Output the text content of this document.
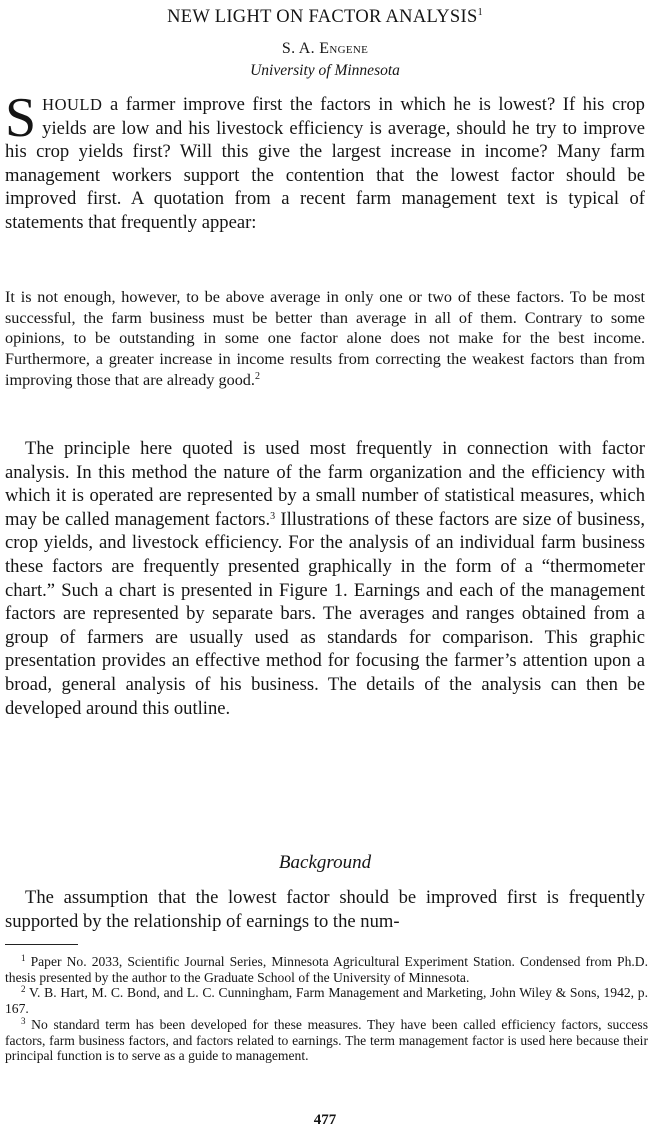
NEW LIGHT ON FACTOR ANALYSIS$^1$
S. A. Engene
University of Minnesota
SHOULD a farmer improve first the factors in which he is lowest? If his crop yields are low and his livestock efficiency is average, should he try to improve his crop yields first? Will this give the largest increase in income? Many farm management workers support the contention that the lowest factor should be improved first. A quotation from a recent farm management text is typical of statements that frequently appear:
It is not enough, however, to be above average in only one or two of these factors. To be most successful, the farm business must be better than average in all of them. Contrary to some opinions, to be outstanding in some one factor alone does not make for the best income. Furthermore, a greater increase in income results from correcting the weakest factors than from improving those that are already good.$^2$
The principle here quoted is used most frequently in connection with factor analysis. In this method the nature of the farm organization and the efficiency with which it is operated are represented by a small number of statistical measures, which may be called management factors.$^3$ Illustrations of these factors are size of business, crop yields, and livestock efficiency. For the analysis of an individual farm business these factors are frequently presented graphically in the form of a “thermometer chart.” Such a chart is presented in Figure 1. Earnings and each of the management factors are represented by separate bars. The averages and ranges obtained from a group of farmers are usually used as standards for comparison. This graphic presentation provides an effective method for focusing the farmer’s attention upon a broad, general analysis of his business. The details of the analysis can then be developed around this outline.
Background
The assumption that the lowest factor should be improved first is frequently supported by the relationship of earnings to the num-

$^1$ Paper No. 2033, Scientific Journal Series, Minnesota Agricultural Experiment Station. Condensed from Ph.D. thesis presented by the author to the Graduate School of the University of Minnesota.

$^2$ V. B. Hart, M. C. Bond, and L. C. Cunningham, Farm Management and Marketing, John Wiley & Sons, 1942, p. 167.

$^3$ No standard term has been developed for these measures. They have been called efficiency factors, success factors, farm business factors, and factors related to earnings. The term management factor is used here because their principal function is to serve as a guide to management.

477
